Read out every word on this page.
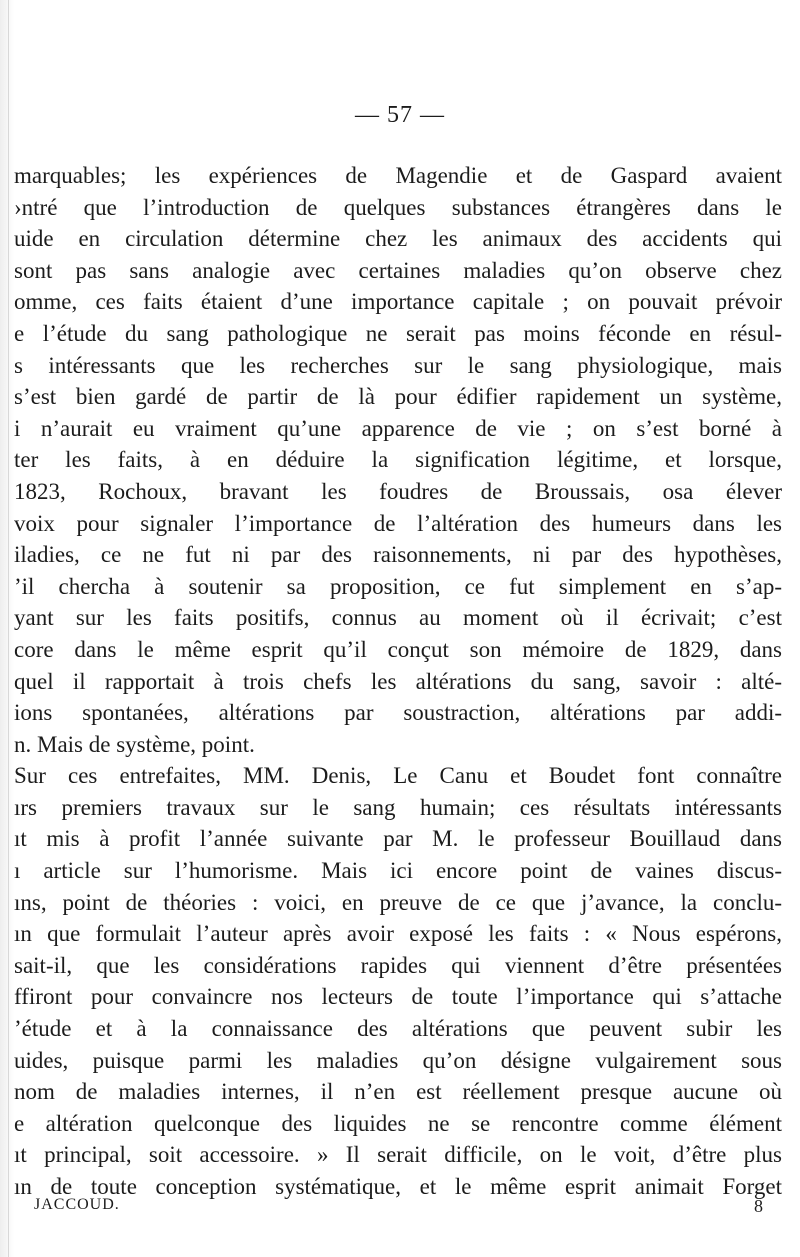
— 57 —
marquables; les expériences de Magendie et de Gaspard avaient
›ntré que l’introduction de quelques substances étrangères dans le
uide en circulation détermine chez les animaux des accidents qui
sont pas sans analogie avec certaines maladies qu’on observe chez
omme, ces faits étaient d’une importance capitale ; on pouvait prévoir
e l’étude du sang pathologique ne serait pas moins féconde en résul-
s intéressants que les recherches sur le sang physiologique, mais
s’est bien gardé de partir de là pour édifier rapidement un système,
i n’aurait eu vraiment qu’une apparence de vie ; on s’est borné à
ter les faits, à en déduire la signification légitime, et lorsque,
1823, Rochoux, bravant les foudres de Broussais, osa élever
voix pour signaler l’importance de l’altération des humeurs dans les
iladies, ce ne fut ni par des raisonnements, ni par des hypothèses,
’il chercha à soutenir sa proposition, ce fut simplement en s’ap-
yant sur les faits positifs, connus au moment où il écrivait; c’est
core dans le même esprit qu’il conçut son mémoire de 1829, dans
quel il rapportait à trois chefs les altérations du sang, savoir : alté-
ions spontanées, altérations par soustraction, altérations par addi-
n. Mais de système, point.
Sur ces entrefaites, MM. Denis, Le Canu et Boudet font connaître
ırs premiers travaux sur le sang humain; ces résultats intéressants
ıt mis à profit l’année suivante par M. le professeur Bouillaud dans
ı article sur l’humorisme. Mais ici encore point de vaines discus-
ıns, point de théories : voici, en preuve de ce que j’avance, la conclu-
ın que formulait l’auteur après avoir exposé les faits : « Nous espérons,
sait-il, que les considérations rapides qui viennent d’être présentées
ffiront pour convaincre nos lecteurs de toute l’importance qui s’attache
’étude et à la connaissance des altérations que peuvent subir les
uides, puisque parmi les maladies qu’on désigne vulgairement sous
nom de maladies internes, il n’en est réellement presque aucune où
e altération quelconque des liquides ne se rencontre comme élément
ıt principal, soit accessoire. » Il serait difficile, on le voit, d’être plus
ın de toute conception systématique, et le même esprit animait Forget
JACCOUD.	8
